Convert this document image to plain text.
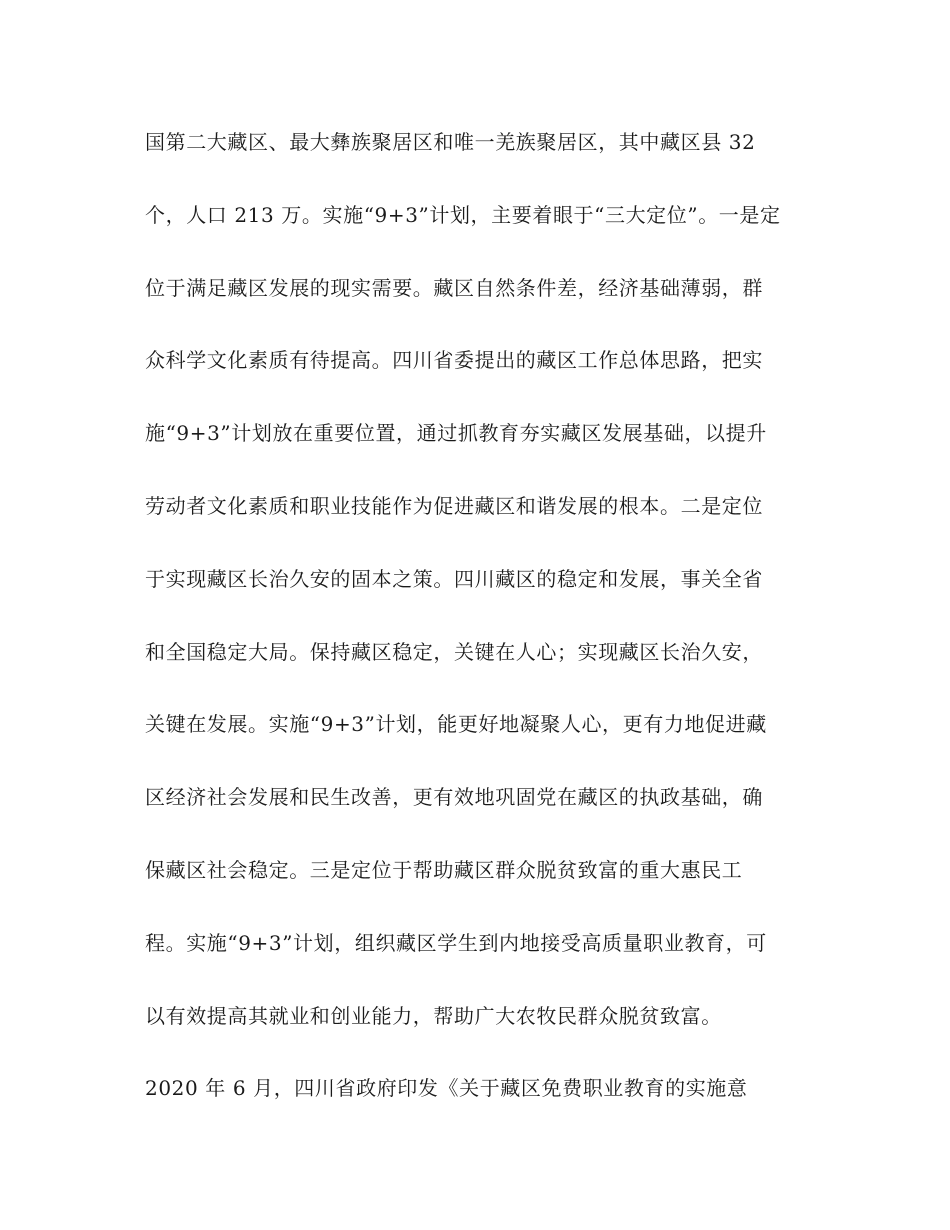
国第二大藏区、最大彝族聚居区和唯一羌族聚居区，其中藏区县 32
个，人口 213 万。实施“9+3”计划，主要着眼于“三大定位”。一是定
位于满足藏区发展的现实需要。藏区自然条件差，经济基础薄弱，群
众科学文化素质有待提高。四川省委提出的藏区工作总体思路，把实
施“9+3”计划放在重要位置，通过抓教育夯实藏区发展基础，以提升
劳动者文化素质和职业技能作为促进藏区和谐发展的根本。二是定位
于实现藏区长治久安的固本之策。四川藏区的稳定和发展，事关全省
和全国稳定大局。保持藏区稳定，关键在人心；实现藏区长治久安，
关键在发展。实施“9+3”计划，能更好地凝聚人心，更有力地促进藏
区经济社会发展和民生改善，更有效地巩固党在藏区的执政基础，确
保藏区社会稳定。三是定位于帮助藏区群众脱贫致富的重大惠民工
程。实施“9+3”计划，组织藏区学生到内地接受高质量职业教育，可
以有效提高其就业和创业能力，帮助广大农牧民群众脱贫致富。
2020 年 6 月，四川省政府印发《关于藏区免费职业教育的实施意
